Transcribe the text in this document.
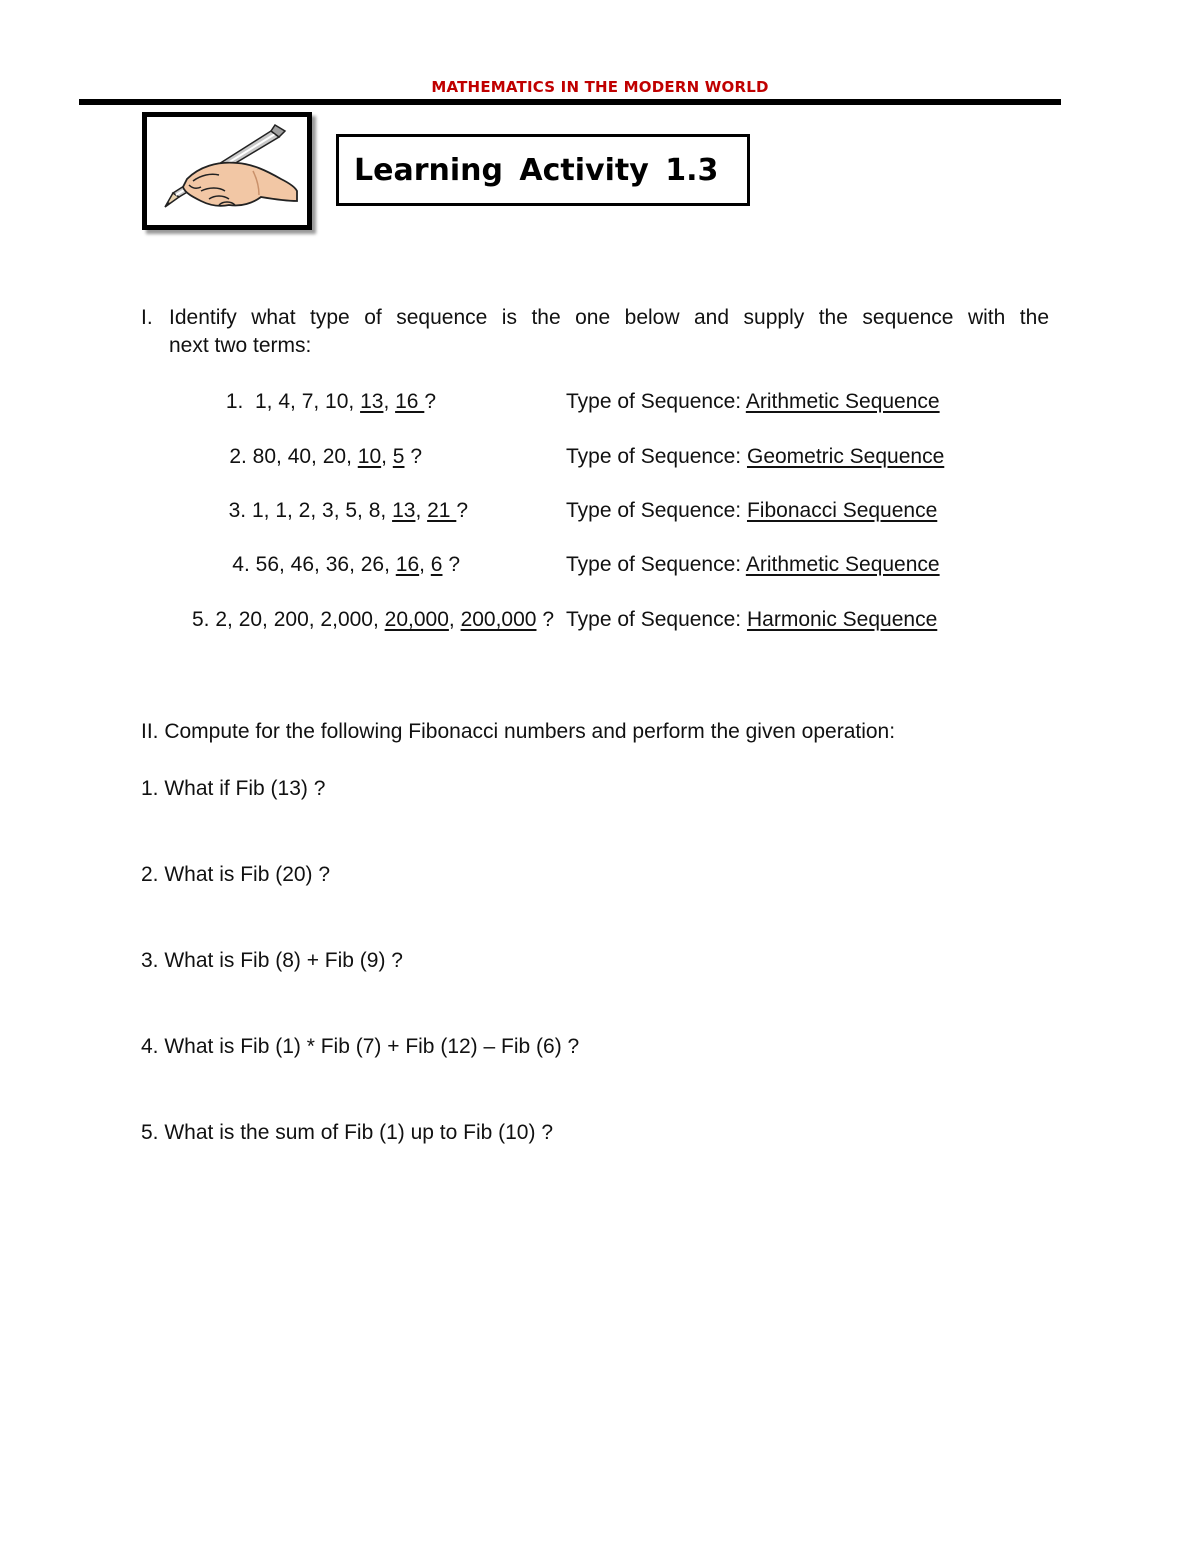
MATHEMATICS IN THE MODERN WORLD
Learning Activity 1.3
I. Identify what type of sequence is the one below and supply the sequence with the
next two terms:
1.  1, 4, 7, 10, 13, 16 ?
2. 80, 40, 20, 10, 5 ?
3. 1, 1, 2, 3, 5, 8, 13, 21 ?
4. 56, 46, 36, 26, 16, 6 ?
5. 2, 20, 200, 2,000, 20,000, 200,000 ?
Type of Sequence: Arithmetic Sequence
Type of Sequence: Geometric Sequence
Type of Sequence: Fibonacci Sequence
Type of Sequence: Arithmetic Sequence
Type of Sequence: Harmonic Sequence
II. Compute for the following Fibonacci numbers and perform the given operation:
1. What if Fib (13) ?
2. What is Fib (20) ?
3. What is Fib (8) + Fib (9) ?
4. What is Fib (1) * Fib (7) + Fib (12) – Fib (6) ?
5. What is the sum of Fib (1) up to Fib (10) ?
